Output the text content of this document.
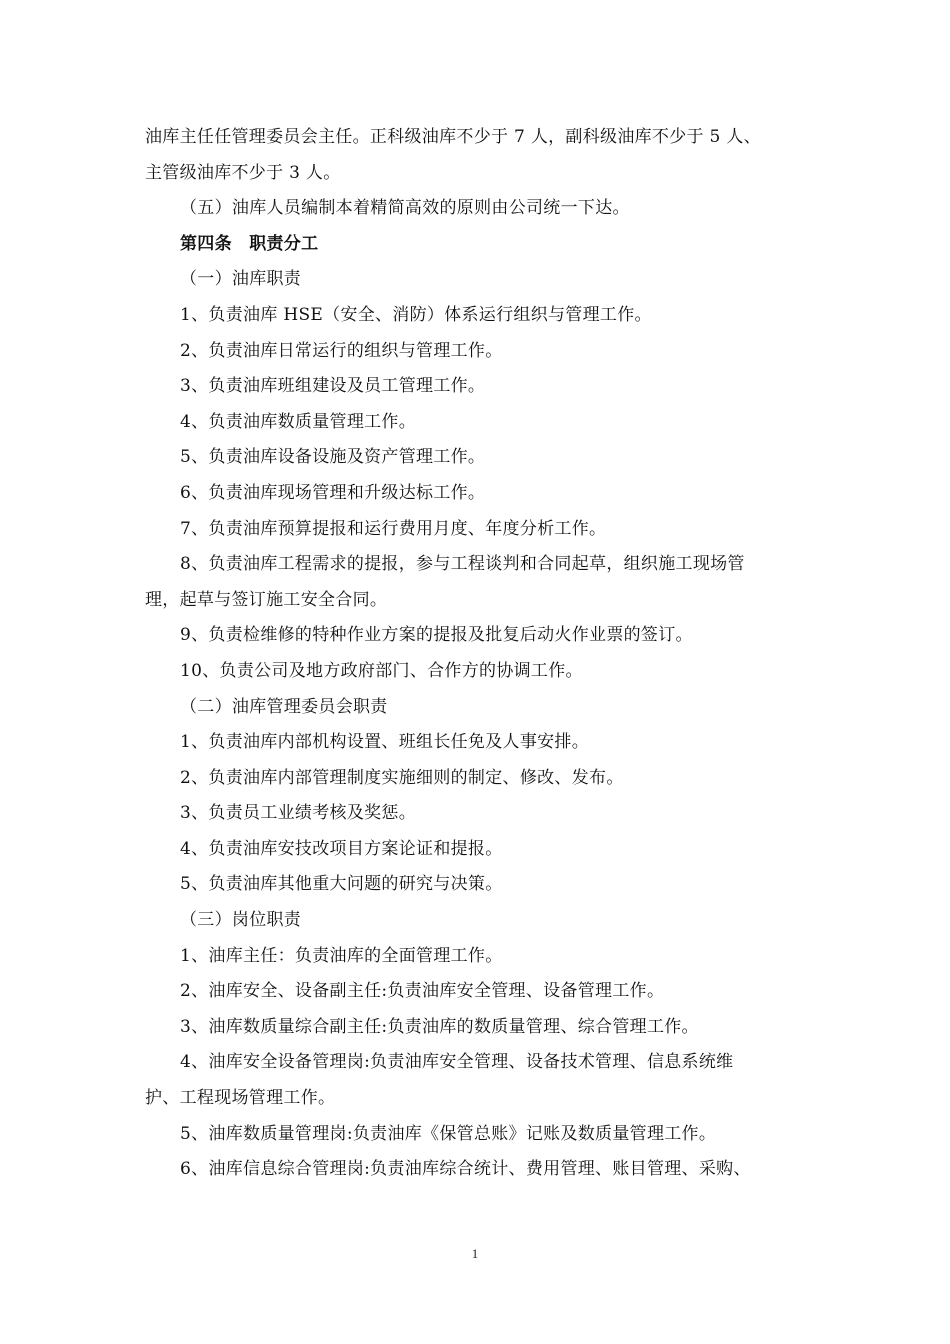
油库主任任管理委员会主任。正科级油库不少于 7 人，副科级油库不少于 5 人、
主管级油库不少于 3 人。
（五）油库人员编制本着精简高效的原则由公司统一下达。
第四条　职责分工
（一）油库职责
1、负责油库 HSE（安全、消防）体系运行组织与管理工作。
2、负责油库日常运行的组织与管理工作。
3、负责油库班组建设及员工管理工作。
4、负责油库数质量管理工作。
5、负责油库设备设施及资产管理工作。
6、负责油库现场管理和升级达标工作。
7、负责油库预算提报和运行费用月度、年度分析工作。
8、负责油库工程需求的提报，参与工程谈判和合同起草，组织施工现场管
理，起草与签订施工安全合同。
9、负责检维修的特种作业方案的提报及批复后动火作业票的签订。
10、负责公司及地方政府部门、合作方的协调工作。
（二）油库管理委员会职责
1、负责油库内部机构设置、班组长任免及人事安排。
2、负责油库内部管理制度实施细则的制定、修改、发布。
3、负责员工业绩考核及奖惩。
4、负责油库安技改项目方案论证和提报。
5、负责油库其他重大问题的研究与决策。
（三）岗位职责
1、油库主任：负责油库的全面管理工作。
2、油库安全、设备副主任:负责油库安全管理、设备管理工作。
3、油库数质量综合副主任:负责油库的数质量管理、综合管理工作。
4、油库安全设备管理岗:负责油库安全管理、设备技术管理、信息系统维
护、工程现场管理工作。
5、油库数质量管理岗:负责油库《保管总账》记账及数质量管理工作。
6、油库信息综合管理岗:负责油库综合统计、费用管理、账目管理、采购、
1
